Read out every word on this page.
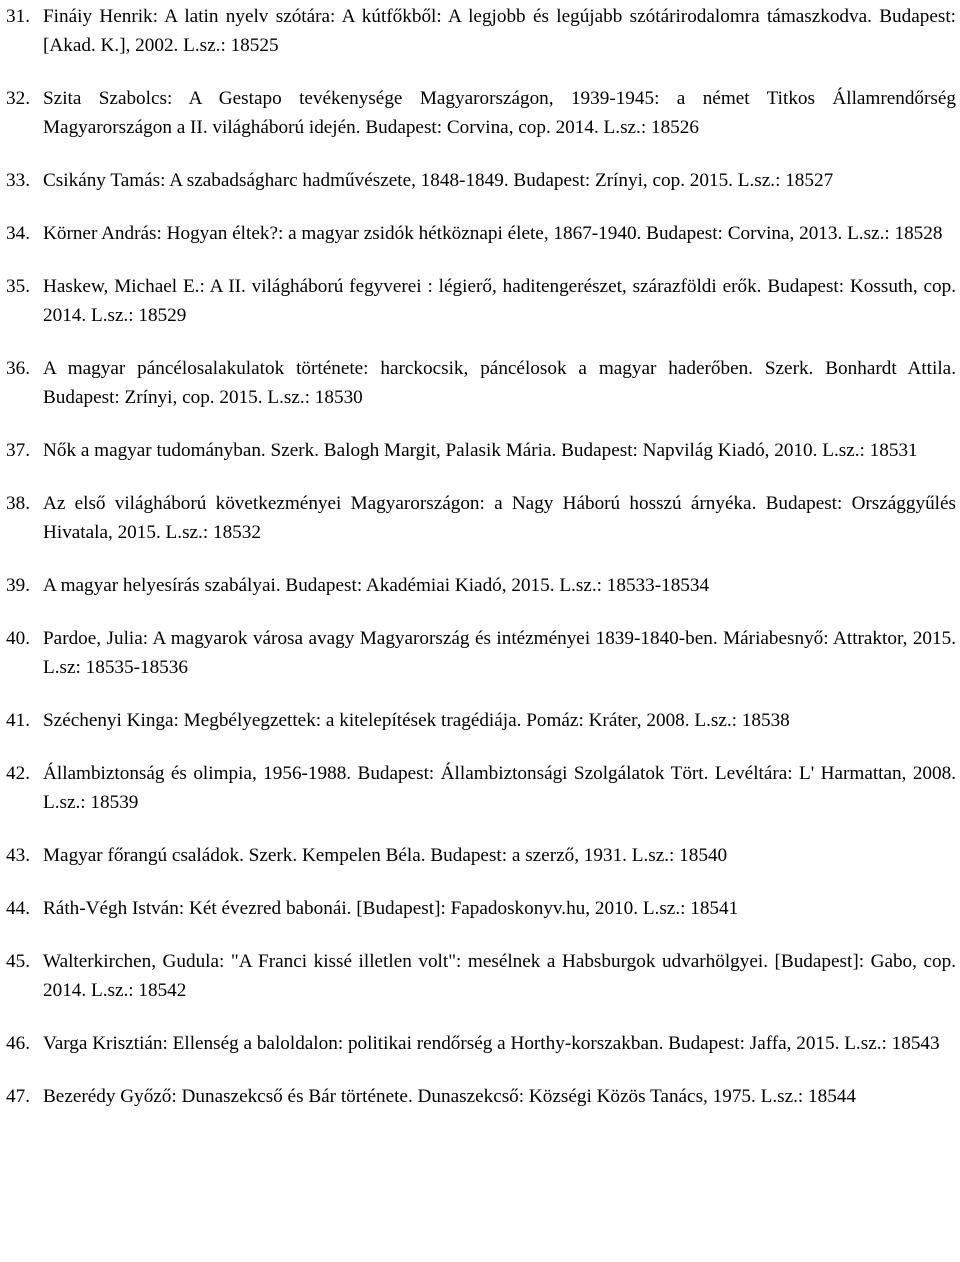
31. Fináiy Henrik: A latin nyelv szótára: A kútfőkből: A legjobb és legújabb szótárirodalomra támaszkodva. Budapest: [Akad. K.], 2002. L.sz.: 18525
32. Szita Szabolcs: A Gestapo tevékenysége Magyarországon, 1939-1945: a német Titkos Államrendőrség Magyarországon a II. világháború idején. Budapest: Corvina, cop. 2014. L.sz.: 18526
33. Csikány Tamás: A szabadságharc hadművészete, 1848-1849. Budapest: Zrínyi, cop. 2015. L.sz.: 18527
34. Körner András: Hogyan éltek?: a magyar zsidók hétköznapi élete, 1867-1940. Budapest: Corvina, 2013. L.sz.: 18528
35. Haskew, Michael E.: A II. világháború fegyverei : légierő, haditengerészet, szárazföldi erők. Budapest: Kossuth, cop. 2014. L.sz.: 18529
36. A magyar páncélosalakulatok története: harckocsik, páncélosok a magyar haderőben. Szerk. Bonhardt Attila. Budapest: Zrínyi, cop. 2015. L.sz.: 18530
37. Nők a magyar tudományban. Szerk. Balogh Margit, Palasik Mária. Budapest: Napvilág Kiadó, 2010. L.sz.: 18531
38. Az első világháború következményei Magyarországon: a Nagy Háború hosszú árnyéka. Budapest: Országgyűlés Hivatala, 2015. L.sz.: 18532
39. A magyar helyesírás szabályai. Budapest: Akadémiai Kiadó, 2015. L.sz.: 18533-18534
40. Pardoe, Julia: A magyarok városa avagy Magyarország és intézményei 1839-1840-ben. Máriabesnyő: Attraktor, 2015. L.sz: 18535-18536
41. Széchenyi Kinga: Megbélyegzettek: a kitelepítések tragédiája. Pomáz: Kráter, 2008. L.sz.: 18538
42. Állambiztonság és olimpia, 1956-1988. Budapest: Állambiztonsági Szolgálatok Tört. Levéltára: L' Harmattan, 2008. L.sz.: 18539
43. Magyar főrangú családok. Szerk. Kempelen Béla. Budapest: a szerző, 1931. L.sz.: 18540
44. Ráth-Végh István: Két évezred babonái. [Budapest]: Fapadoskonyv.hu, 2010. L.sz.: 18541
45. Walterkirchen, Gudula: "A Franci kissé illetlen volt": mesélnek a Habsburgok udvarhölgyei. [Budapest]: Gabo, cop. 2014. L.sz.: 18542
46. Varga Krisztián: Ellenség a baloldalon: politikai rendőrség a Horthy-korszakban. Budapest: Jaffa, 2015. L.sz.: 18543
47. Bezerédy Győző: Dunaszekcső és Bár története. Dunaszekcső: Községi Közös Tanács, 1975. L.sz.: 18544
